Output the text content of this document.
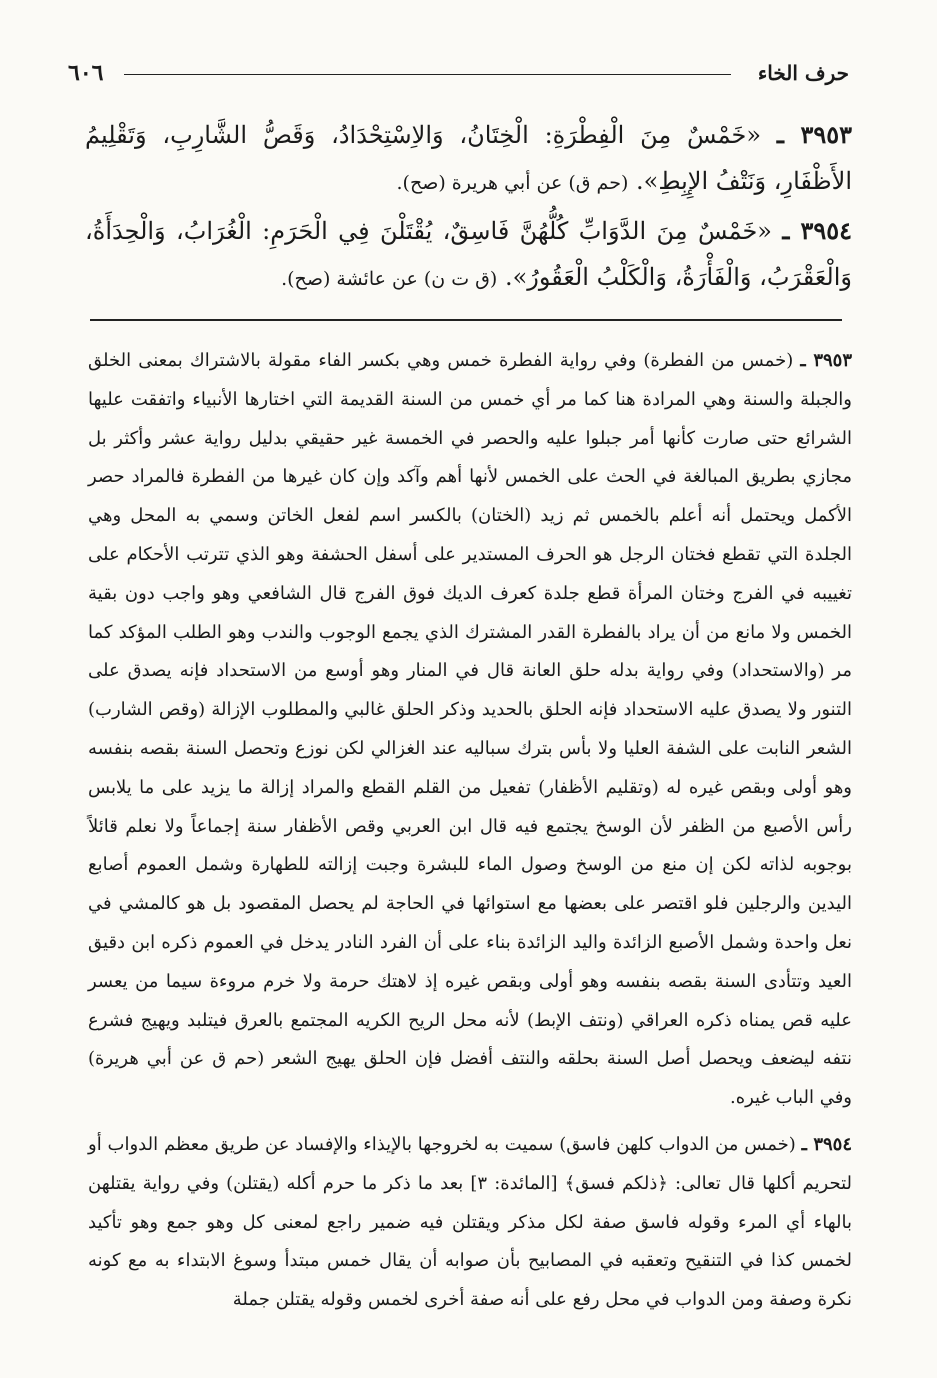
حرف الخاء
٦٠٦
٣٩٥٣ ـ «خَمْسٌ مِنَ الْفِطْرَةِ: الْخِتَانُ، وَالاِسْتِحْدَادُ، وَقَصُّ الشَّارِبِ، وَتَقْلِيمُ الأَظْفَارِ، وَنَتْفُ الإِبِطِ». (حم ق) عن أبي هريرة (صح).
٣٩٥٤ ـ «خَمْسٌ مِنَ الدَّوَابِّ كُلُّهُنَّ فَاسِقٌ، يُقْتَلْنَ فِي الْحَرَمِ: الْغُرَابُ، وَالْحِدَأَةُ، وَالْعَقْرَبُ، وَالْفَأْرَةُ، وَالْكَلْبُ الْعَقُورُ». (ق ت ن) عن عائشة (صح).

٣٩٥٣ ـ (خمس من الفطرة) وفي رواية الفطرة خمس وهي بكسر الفاء مقولة بالاشتراك بمعنى الخلق والجبلة والسنة وهي المرادة هنا كما مر أي خمس من السنة القديمة التي اختارها الأنبياء واتفقت عليها الشرائع حتى صارت كأنها أمر جبلوا عليه والحصر في الخمسة غير حقيقي بدليل رواية عشر وأكثر بل مجازي بطريق المبالغة في الحث على الخمس لأنها أهم وآكد وإن كان غيرها من الفطرة فالمراد حصر الأكمل ويحتمل أنه أعلم بالخمس ثم زيد (الختان) بالكسر اسم لفعل الخاتن وسمي به المحل وهي الجلدة التي تقطع فختان الرجل هو الحرف المستدير على أسفل الحشفة وهو الذي تترتب الأحكام على تغييبه في الفرج وختان المرأة قطع جلدة كعرف الديك فوق الفرج قال الشافعي وهو واجب دون بقية الخمس ولا مانع من أن يراد بالفطرة القدر المشترك الذي يجمع الوجوب والندب وهو الطلب المؤكد كما مر (والاستحداد) وفي رواية بدله حلق العانة قال في المنار وهو أوسع من الاستحداد فإنه يصدق على التنور ولا يصدق عليه الاستحداد فإنه الحلق بالحديد وذكر الحلق غالبي والمطلوب الإزالة (وقص الشارب) الشعر النابت على الشفة العليا ولا بأس بترك سباليه عند الغزالي لكن نوزع وتحصل السنة بقصه بنفسه وهو أولى وبقص غيره له (وتقليم الأظفار) تفعيل من القلم القطع والمراد إزالة ما يزيد على ما يلابس رأس الأصبع من الظفر لأن الوسخ يجتمع فيه قال ابن العربي وقص الأظفار سنة إجماعاً ولا نعلم قائلاً بوجوبه لذاته لكن إن منع من الوسخ وصول الماء للبشرة وجبت إزالته للطهارة وشمل العموم أصابع اليدين والرجلين فلو اقتصر على بعضها مع استوائها في الحاجة لم يحصل المقصود بل هو كالمشي في نعل واحدة وشمل الأصبع الزائدة واليد الزائدة بناء على أن الفرد النادر يدخل في العموم ذكره ابن دقيق العيد وتتأدى السنة بقصه بنفسه وهو أولى وبقص غيره إذ لاهتك حرمة ولا خرم مروءة سيما من يعسر عليه قص يمناه ذكره العراقي (ونتف الإبط) لأنه محل الريح الكريه المجتمع بالعرق فيتلبد ويهيج فشرع نتفه ليضعف ويحصل أصل السنة بحلقه والنتف أفضل فإن الحلق يهيج الشعر (حم ق عن أبي هريرة) وفي الباب غيره.

٣٩٥٤ ـ (خمس من الدواب كلهن فاسق) سميت به لخروجها بالإيذاء والإفساد عن طريق معظم الدواب أو لتحريم أكلها قال تعالى: ﴿ذلكم فسق﴾ [المائدة: ٣] بعد ما ذكر ما حرم أكله (يقتلن) وفي رواية يقتلهن بالهاء أي المرء وقوله فاسق صفة لكل مذكر ويقتلن فيه ضمير راجع لمعنى كل وهو جمع وهو تأكيد لخمس كذا في التنقيح وتعقبه في المصابيح بأن صوابه أن يقال خمس مبتدأ وسوغ الابتداء به مع كونه نكرة وصفة ومن الدواب في محل رفع على أنه صفة أخرى لخمس وقوله يقتلن جملة
